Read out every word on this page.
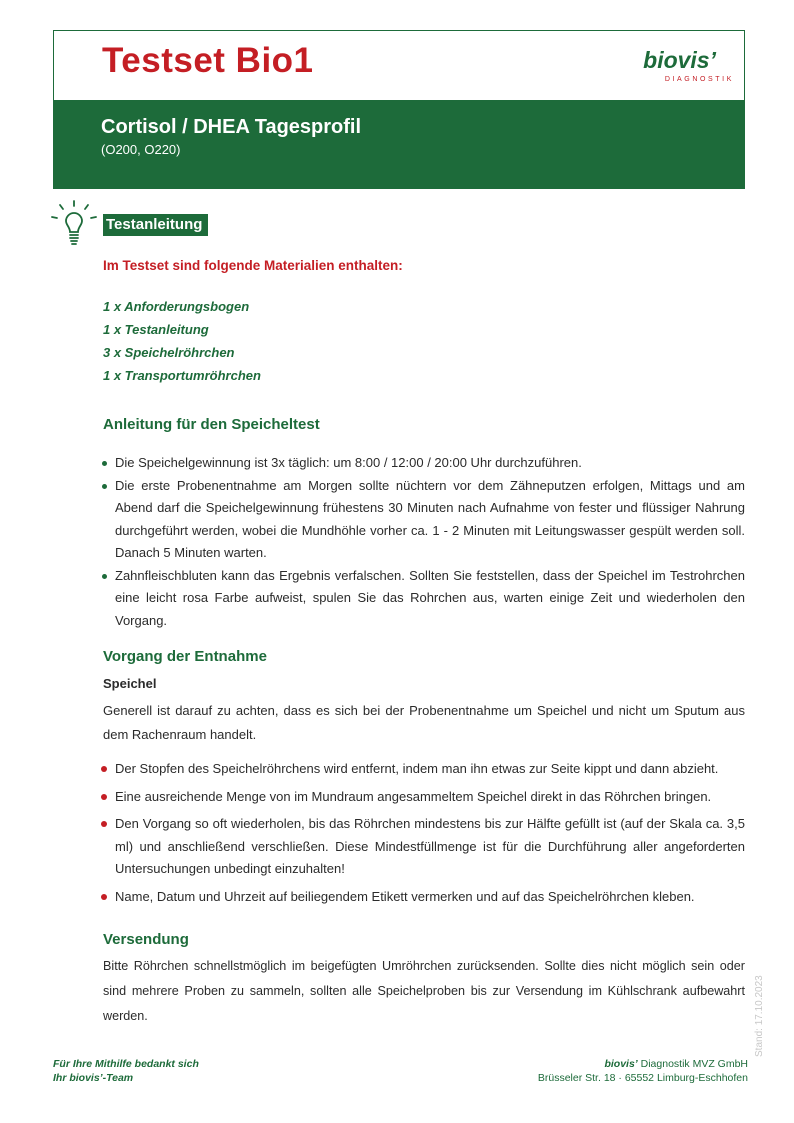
Testset Bio1	biovis’
DIAGNOSTIK
Cortisol / DHEA Tagesprofil
(O200, O220)
Testanleitung
Im Testset sind folgende Materialien enthalten:
1 x Anforderungsbogen
1 x Testanleitung
3 x Speichelröhrchen
1 x Transportumröhrchen
Anleitung für den Speicheltest
Die Speichelgewinnung ist 3x täglich: um 8:00 / 12:00 / 20:00 Uhr durchzuführen.
Die erste Probenentnahme am Morgen sollte nüchtern vor dem Zähneputzen erfolgen, Mittags und am Abend darf die Speichelgewinnung frühestens 30 Minuten nach Aufnahme von fester und flüssiger Nahrung durchgeführt werden, wobei die Mundhöhle vorher ca. 1 - 2 Minuten mit Leitungswasser gespült werden soll. Danach 5 Minuten warten.
Zahnfleischbluten kann das Ergebnis verfalschen. Sollten Sie feststellen, dass der Speichel im Testrohrchen eine leicht rosa Farbe aufweist, spulen Sie das Rohrchen aus, warten einige Zeit und wiederholen den Vorgang.
Vorgang der Entnahme
Speichel
Generell ist darauf zu achten, dass es sich bei der Probenentnahme um Speichel und nicht um Sputum aus dem Rachenraum handelt.
Der Stopfen des Speichelröhrchens wird entfernt, indem man ihn etwas zur Seite kippt und dann abzieht.
Eine ausreichende Menge von im Mundraum angesammeltem Speichel direkt in das Röhrchen bringen.
Den Vorgang so oft wiederholen, bis das Röhrchen mindestens bis zur Hälfte gefüllt ist (auf der Skala ca. 3,5 ml) und anschließend verschließen. Diese Mindestfüllmenge ist für die Durchführung aller angeforderten Untersuchungen unbedingt einzuhalten!
Name, Datum und Uhrzeit auf beiliegendem Etikett vermerken und auf das Speichelröhrchen kleben.
Versendung
Bitte Röhrchen schnellstmöglich im beigefügten Umröhrchen zurücksenden. Sollte dies nicht möglich sein oder sind mehrere Proben zu sammeln, sollten alle Speichelproben bis zur Versendung im Kühlschrank aufbewahrt werden.	Stand: 17.10.2023
Für Ihre Mithilfe bedankt sich
Ihr biovis’-Team
biovis’ Diagnostik MVZ GmbH
Brüsseler Str. 18 · 65552 Limburg-Eschhofen
